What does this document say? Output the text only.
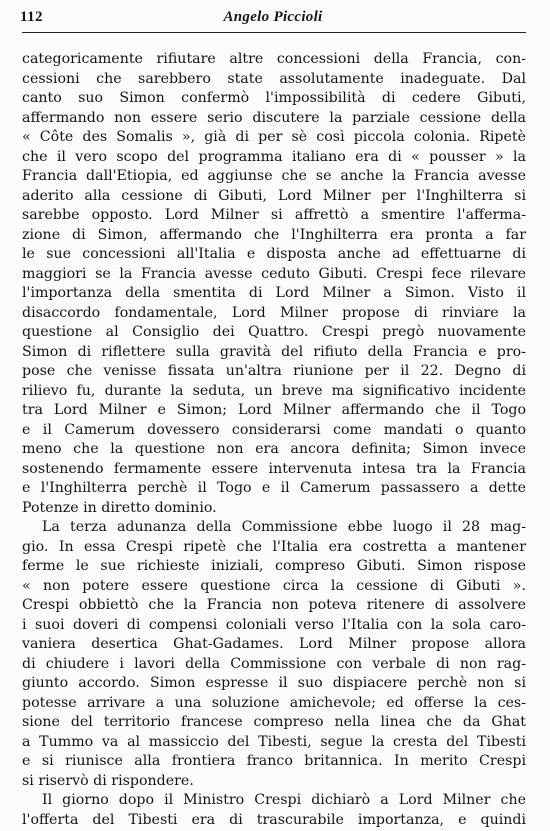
112	Angelo Piccioli
categoricamente rifiutare altre concessioni della Francia, con-
cessioni che sarebbero state assolutamente inadeguate. Dal
canto suo Simon confermò l'impossibilità di cedere Gibuti,
affermando non essere serio discutere la parziale cessione della
« Côte des Somalis », già di per sè così piccola colonia. Ripetè
che il vero scopo del programma italiano era di « pousser » la
Francia dall'Etiopia, ed aggiunse che se anche la Francia avesse
aderito alla cessione di Gibuti, Lord Milner per l'Inghilterra si
sarebbe opposto. Lord Milner si affrettò a smentire l'afferma-
zione di Simon, affermando che l'Inghilterra era pronta a far
le sue concessioni all'Italia e disposta anche ad effettuarne di
maggiori se la Francia avesse ceduto Gibuti. Crespi fece rilevare
l'importanza della smentita di Lord Milner a Simon. Visto il
disaccordo fondamentale, Lord Milner propose di rinviare la
questione al Consiglio dei Quattro. Crespi pregò nuovamente
Simon di riflettere sulla gravità del rifiuto della Francia e pro-
pose che venisse fissata un'altra riunione per il 22. Degno di
rilievo fu, durante la seduta, un breve ma significativo incidente
tra Lord Milner e Simon; Lord Milner affermando che il Togo
e il Camerum dovessero considerarsi come mandati o quanto
meno che la questione non era ancora definita; Simon invece
sostenendo fermamente essere intervenuta intesa tra la Francia
e l'Inghilterra perchè il Togo e il Camerum passassero a dette
Potenze in diretto dominio.
La terza adunanza della Commissione ebbe luogo il 28 mag-
gio. In essa Crespi ripetè che l'Italia era costretta a mantener
ferme le sue richieste iniziali, compreso Gibuti. Simon rispose
« non potere essere questione circa la cessione di Gibuti ».
Crespi obbiettò che la Francia non poteva ritenere di assolvere
i suoi doveri di compensi coloniali verso l'Italia con la sola caro-
vaniera desertica Ghat-Gadames. Lord Milner propose allora
di chiudere i lavori della Commissione con verbale di non rag-
giunto accordo. Simon espresse il suo dispiacere perchè non si
potesse arrivare a una soluzione amichevole; ed offerse la ces-
sione del territorio francese compreso nella linea che da Ghat
a Tummo va al massiccio del Tibesti, segue la cresta del Tibesti
e si riunisce alla frontiera franco britannica. In merito Crespi
si riservò di rispondere.
Il giorno dopo il Ministro Crespi dichiarò a Lord Milner che
l'offerta del Tibesti era di trascurabile importanza, e quindi
